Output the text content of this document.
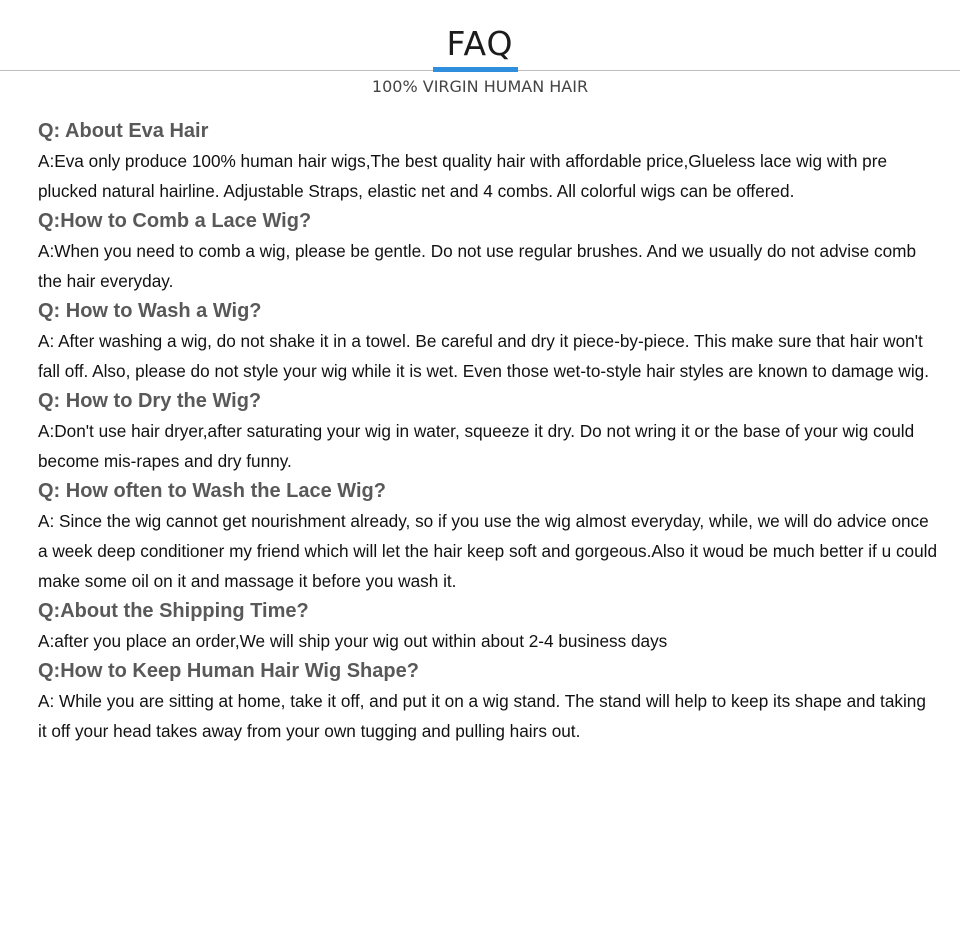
FAQ
100% VIRGIN HUMAN HAIR

Q: About Eva Hair

A:Eva only produce 100% human hair wigs,The best quality hair with affordable price,Glueless lace wig with pre plucked natural hairline. Adjustable Straps, elastic net and 4 combs. All colorful wigs can be offered.

Q:How to Comb a Lace Wig?

A:When you need to comb a wig, please be gentle. Do not use regular brushes. And we usually do not advise comb the hair everyday.

Q: How to Wash a Wig?

A: After washing a wig, do not shake it in a towel. Be careful and dry it piece-by-piece. This make sure that hair won't fall off. Also, please do not style your wig while it is wet. Even those wet-to-style hair styles are known to damage wig.

Q: How to Dry the Wig?

A:Don't use hair dryer,after saturating your wig in water, squeeze it dry. Do not wring it or the base of your wig could become mis-rapes and dry funny.

Q: How often to Wash the Lace Wig?

A: Since the wig cannot get nourishment already, so if you use the wig almost everyday, while, we will do advice once a week deep conditioner my friend which will let the hair keep soft and gorgeous.Also it woud be much better if u could make some oil on it and massage it before you wash it.

Q:About the Shipping Time?

A:after you place an order,We will ship your wig out within about 2-4 business days

Q:How to Keep Human Hair Wig Shape?

A: While you are sitting at home, take it off, and put it on a wig stand. The stand will help to keep its shape and taking it off your head takes away from your own tugging and pulling hairs out.
